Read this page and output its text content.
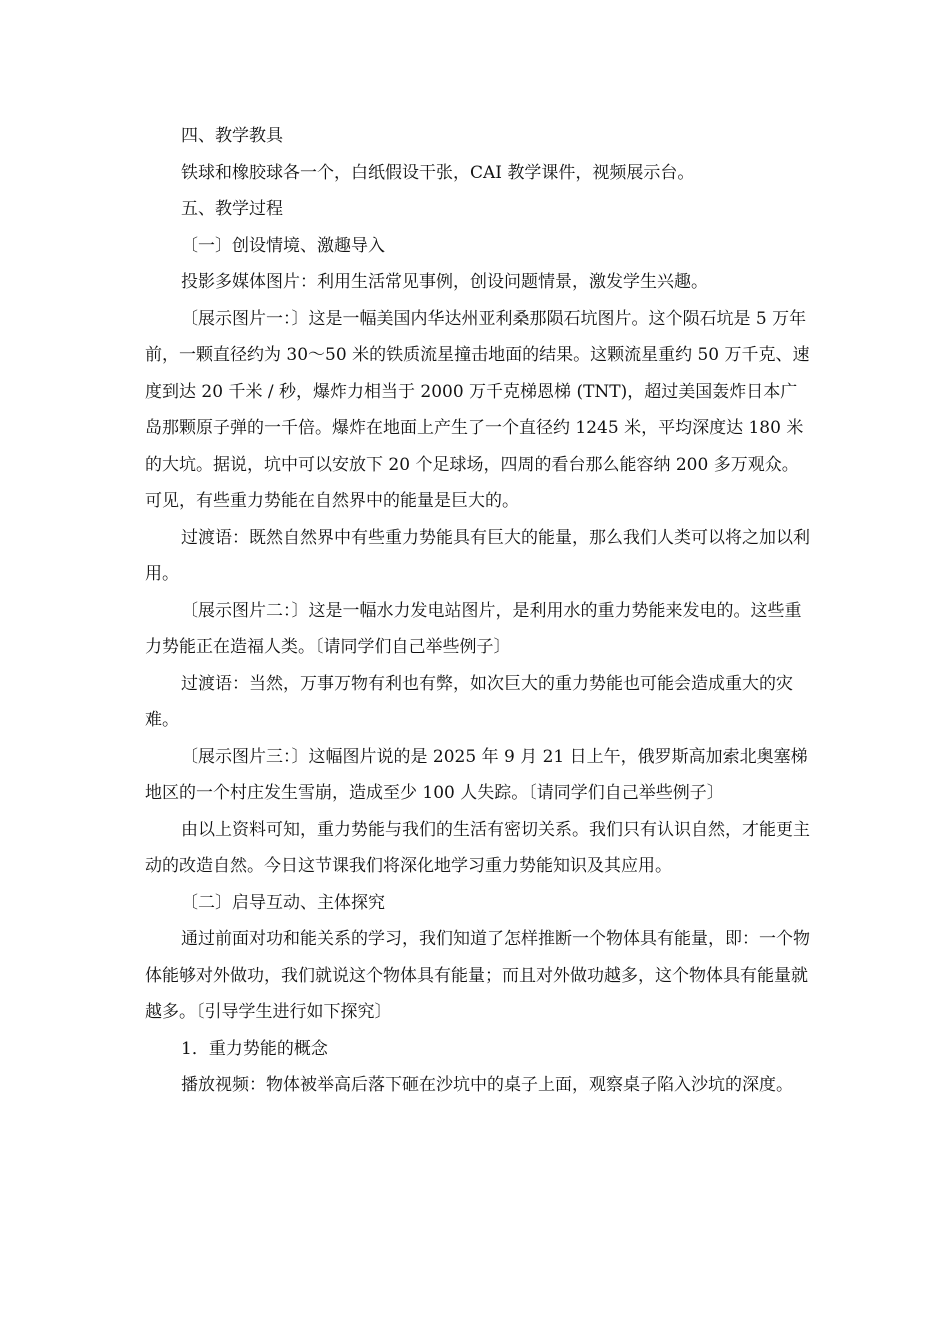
四、教学教具

铁球和橡胶球各一个，白纸假设干张，CAI 教学课件，视频展示台。

五、教学过程

〔一〕创设情境、激趣导入

投影多媒体图片：利用生活常见事例，创设问题情景，激发学生兴趣。

〔展示图片一：〕这是一幅美国内华达州亚利桑那陨石坑图片。这个陨石坑是 5 万年前，一颗直径约为 30～50 米的铁质流星撞击地面的结果。这颗流星重约 50 万千克、速度到达 20 千米 / 秒，爆炸力相当于 2000 万千克梯恩梯 (TNT)，超过美国轰炸日本广岛那颗原子弹的一千倍。爆炸在地面上产生了一个直径约 1245 米，平均深度达 180 米的大坑。据说，坑中可以安放下 20 个足球场，四周的看台那么能容纳 200 多万观众。可见，有些重力势能在自然界中的能量是巨大的。

过渡语：既然自然界中有些重力势能具有巨大的能量，那么我们人类可以将之加以利用。

〔展示图片二：〕这是一幅水力发电站图片，是利用水的重力势能来发电的。这些重力势能正在造福人类。〔请同学们自己举些例子〕

过渡语：当然，万事万物有利也有弊，如次巨大的重力势能也可能会造成重大的灾难。

〔展示图片三：〕这幅图片说的是 2025 年 9 月 21 日上午，俄罗斯高加索北奥塞梯地区的一个村庄发生雪崩，造成至少 100 人失踪。〔请同学们自己举些例子〕

由以上资料可知，重力势能与我们的生活有密切关系。我们只有认识自然，才能更主动的改造自然。今日这节课我们将深化地学习重力势能知识及其应用。

〔二〕启导互动、主体探究

通过前面对功和能关系的学习，我们知道了怎样推断一个物体具有能量，即：一个物体能够对外做功，我们就说这个物体具有能量；而且对外做功越多，这个物体具有能量就越多。〔引导学生进行如下探究〕

1．重力势能的概念

播放视频：物体被举高后落下砸在沙坑中的桌子上面，观察桌子陷入沙坑的深度。
